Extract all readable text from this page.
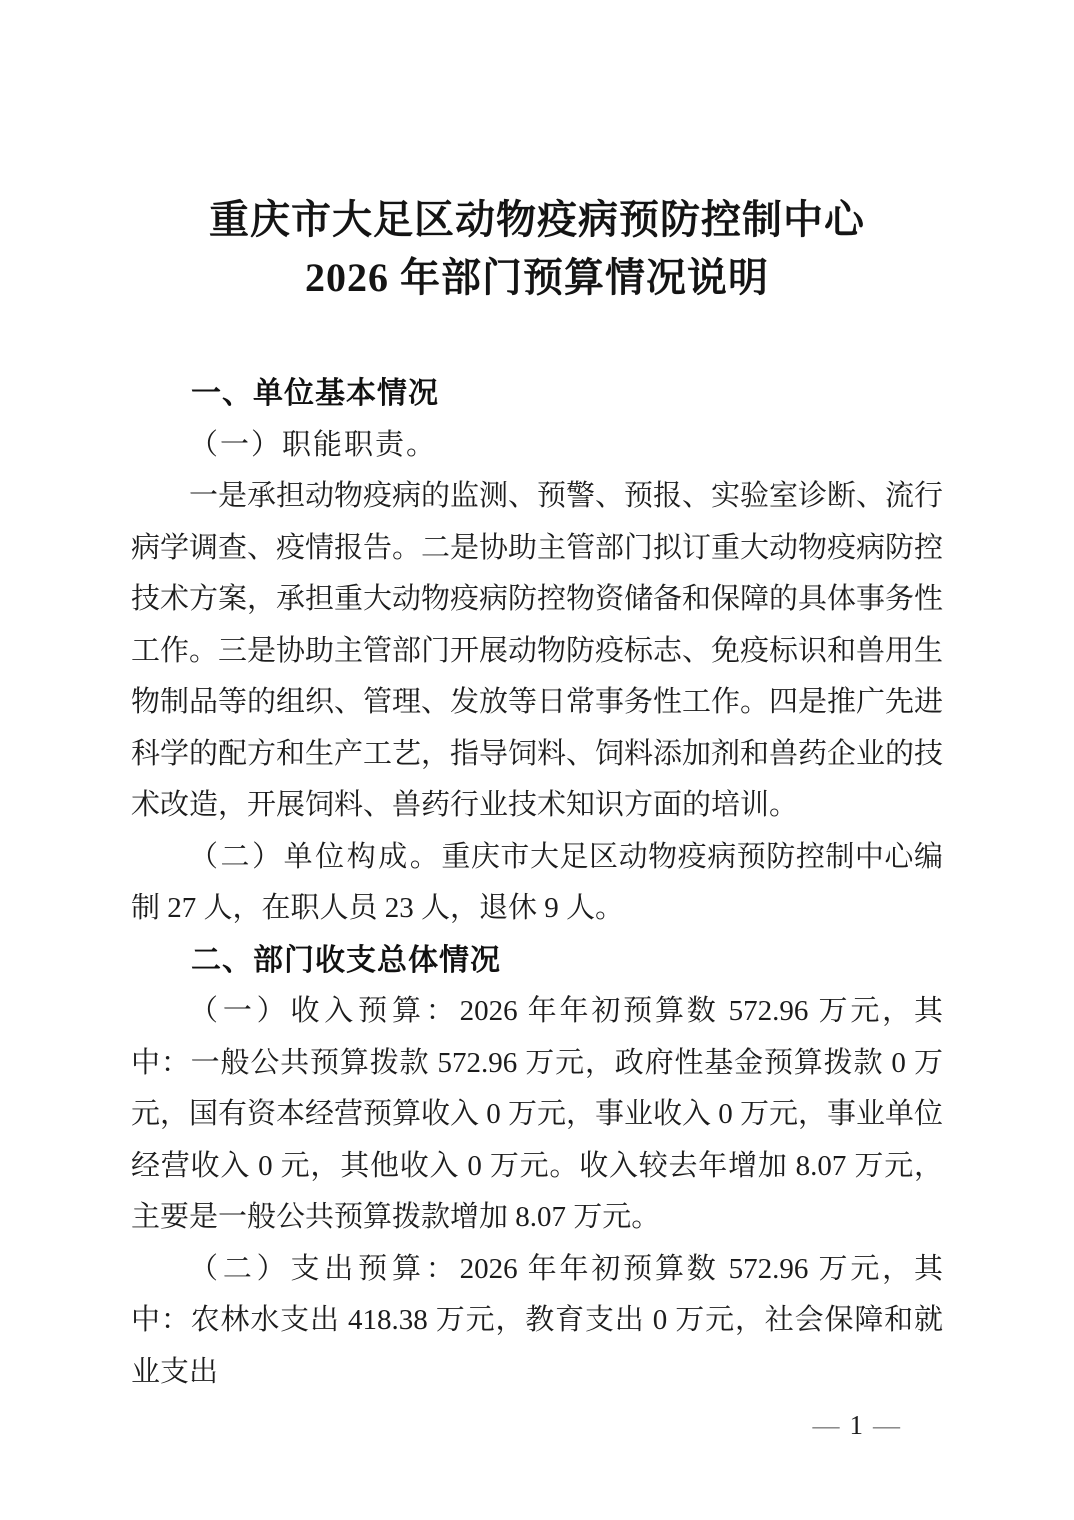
重庆市大足区动物疫病预防控制中心
2026 年部门预算情况说明

一、单位基本情况

（一）职能职责。

一是承担动物疫病的监测、预警、预报、实验室诊断、流行病学调查、疫情报告。二是协助主管部门拟订重大动物疫病防控技术方案，承担重大动物疫病防控物资储备和保障的具体事务性工作。三是协助主管部门开展动物防疫标志、免疫标识和兽用生物制品等的组织、管理、发放等日常事务性工作。四是推广先进科学的配方和生产工艺，指导饲料、饲料添加剂和兽药企业的技术改造，开展饲料、兽药行业技术知识方面的培训。

（二）单位构成。重庆市大足区动物疫病预防控制中心编制 27 人，在职人员 23 人，退休 9 人。

二、部门收支总体情况

（一）收入预算：2026 年年初预算数 572.96 万元，其中：一般公共预算拨款 572.96 万元，政府性基金预算拨款 0 万元，国有资本经营预算收入 0 万元，事业收入 0 万元，事业单位经营收入 0 元，其他收入 0 万元。收入较去年增加 8.07 万元，主要是一般公共预算拨款增加 8.07 万元。

（二）支出预算：2026 年年初预算数 572.96 万元，其中：农林水支出 418.38 万元，教育支出 0 万元，社会保障和就业支出

— 1 —
